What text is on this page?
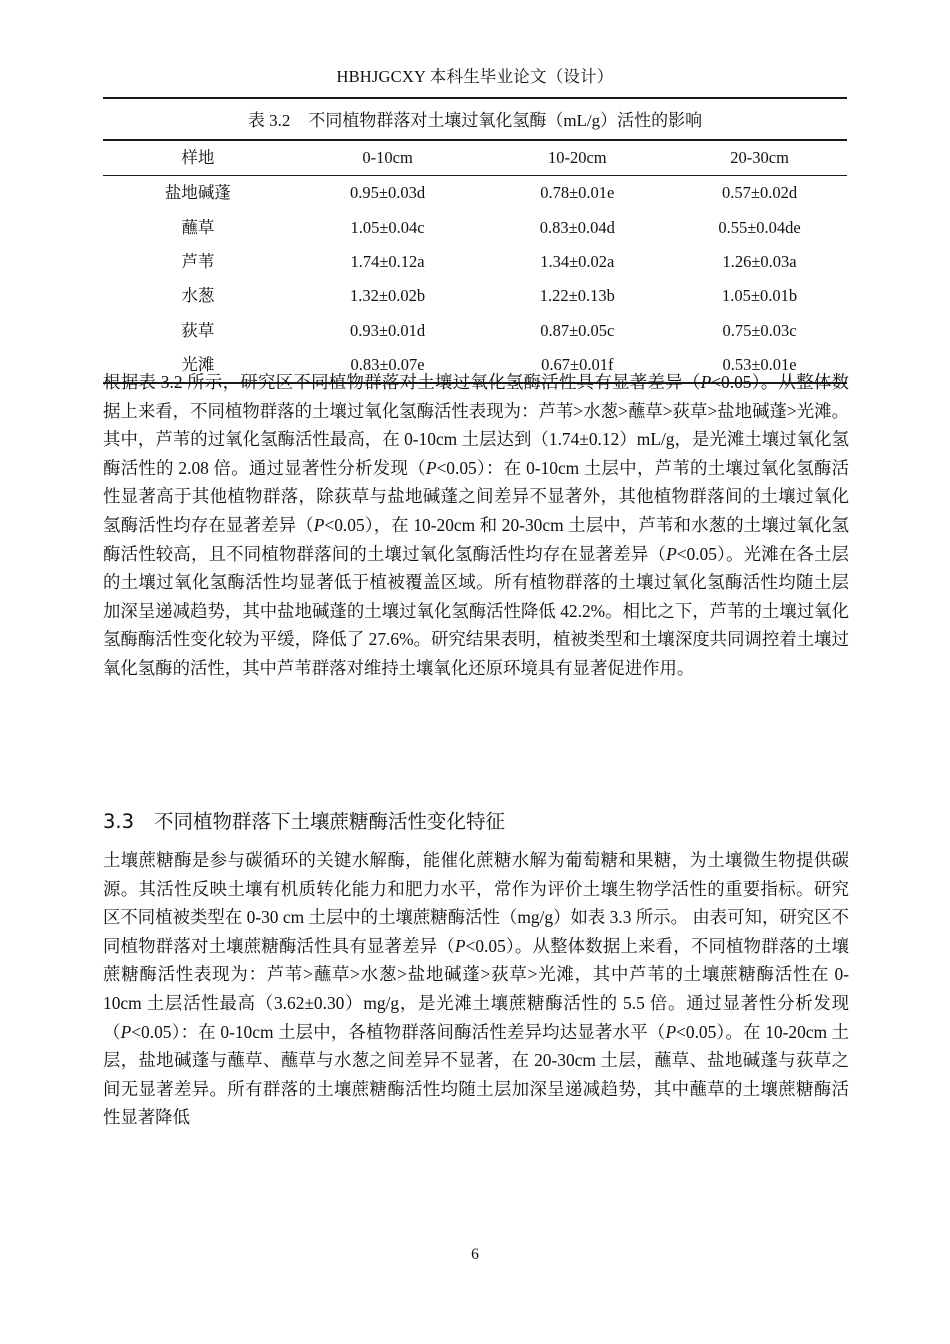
HBHJGCXY 本科生毕业论文（设计）
表 3.2 不同植物群落对土壤过氧化氢酶（mL/g）活性的影响
样地	0-10cm	10-20cm	20-30cm
盐地碱蓬	0.95±0.03d	0.78±0.01e	0.57±0.02d
蘸草	1.05±0.04c	0.83±0.04d	0.55±0.04de
芦苇	1.74±0.12a	1.34±0.02a	1.26±0.03a
水葱	1.32±0.02b	1.22±0.13b	1.05±0.01b
荻草	0.93±0.01d	0.87±0.05c	0.75±0.03c
光滩	0.83±0.07e	0.67±0.01f	0.53±0.01e
根据表 3.2 所示，研究区不同植物群落对土壤过氧化氢酶活性具有显著差异（P<0.05）。从整体数据上来看，不同植物群落的土壤过氧化氢酶活性表现为：芦苇>水葱>蘸草>荻草>盐地碱蓬>光滩。其中，芦苇的过氧化氢酶活性最高，在 0-10cm 土层达到（1.74±0.12）mL/g，是光滩土壤过氧化氢酶活性的 2.08 倍。通过显著性分析发现（P<0.05）：在 0-10cm 土层中，芦苇的土壤过氧化氢酶活性显著高于其他植物群落，除荻草与盐地碱蓬之间差异不显著外，其他植物群落间的土壤过氧化氢酶活性均存在显著差异（P<0.05），在 10-20cm 和 20-30cm 土层中，芦苇和水葱的土壤过氧化氢酶活性较高，且不同植物群落间的土壤过氧化氢酶活性均存在显著差异（P<0.05）。光滩在各土层的土壤过氧化氢酶活性均显著低于植被覆盖区域。所有植物群落的土壤过氧化氢酶活性均随土层加深呈递减趋势，其中盐地碱蓬的土壤过氧化氢酶活性降低 42.2%。相比之下，芦苇的土壤过氧化氢酶酶活性变化较为平缓，降低了 27.6%。研究结果表明，植被类型和土壤深度共同调控着土壤过氧化氢酶的活性，其中芦苇群落对维持土壤氧化还原环境具有显著促进作用。
3.3 不同植物群落下土壤蔗糖酶活性变化特征
土壤蔗糖酶是参与碳循环的关键水解酶，能催化蔗糖水解为葡萄糖和果糖，为土壤微生物提供碳源。其活性反映土壤有机质转化能力和肥力水平，常作为评价土壤生物学活性的重要指标。研究区不同植被类型在 0-30 cm 土层中的土壤蔗糖酶活性（mg/g）如表 3.3 所示。 由表可知，研究区不同植物群落对土壤蔗糖酶活性具有显著差异（P<0.05）。从整体数据上来看，不同植物群落的土壤蔗糖酶活性表现为：芦苇>蘸草>水葱>盐地碱蓬>荻草>光滩，其中芦苇的土壤蔗糖酶活性在 0-10cm 土层活性最高（3.62±0.30）mg/g，是光滩土壤蔗糖酶活性的 5.5 倍。通过显著性分析发现（P<0.05）：在 0-10cm 土层中，各植物群落间酶活性差异均达显著水平（P<0.05）。在 10-20cm 土层，盐地碱蓬与蘸草、蘸草与水葱之间差异不显著，在 20-30cm 土层，蘸草、盐地碱蓬与荻草之间无显著差异。所有群落的土壤蔗糖酶活性均随土层加深呈递减趋势，其中蘸草的土壤蔗糖酶活性显著降低
6
